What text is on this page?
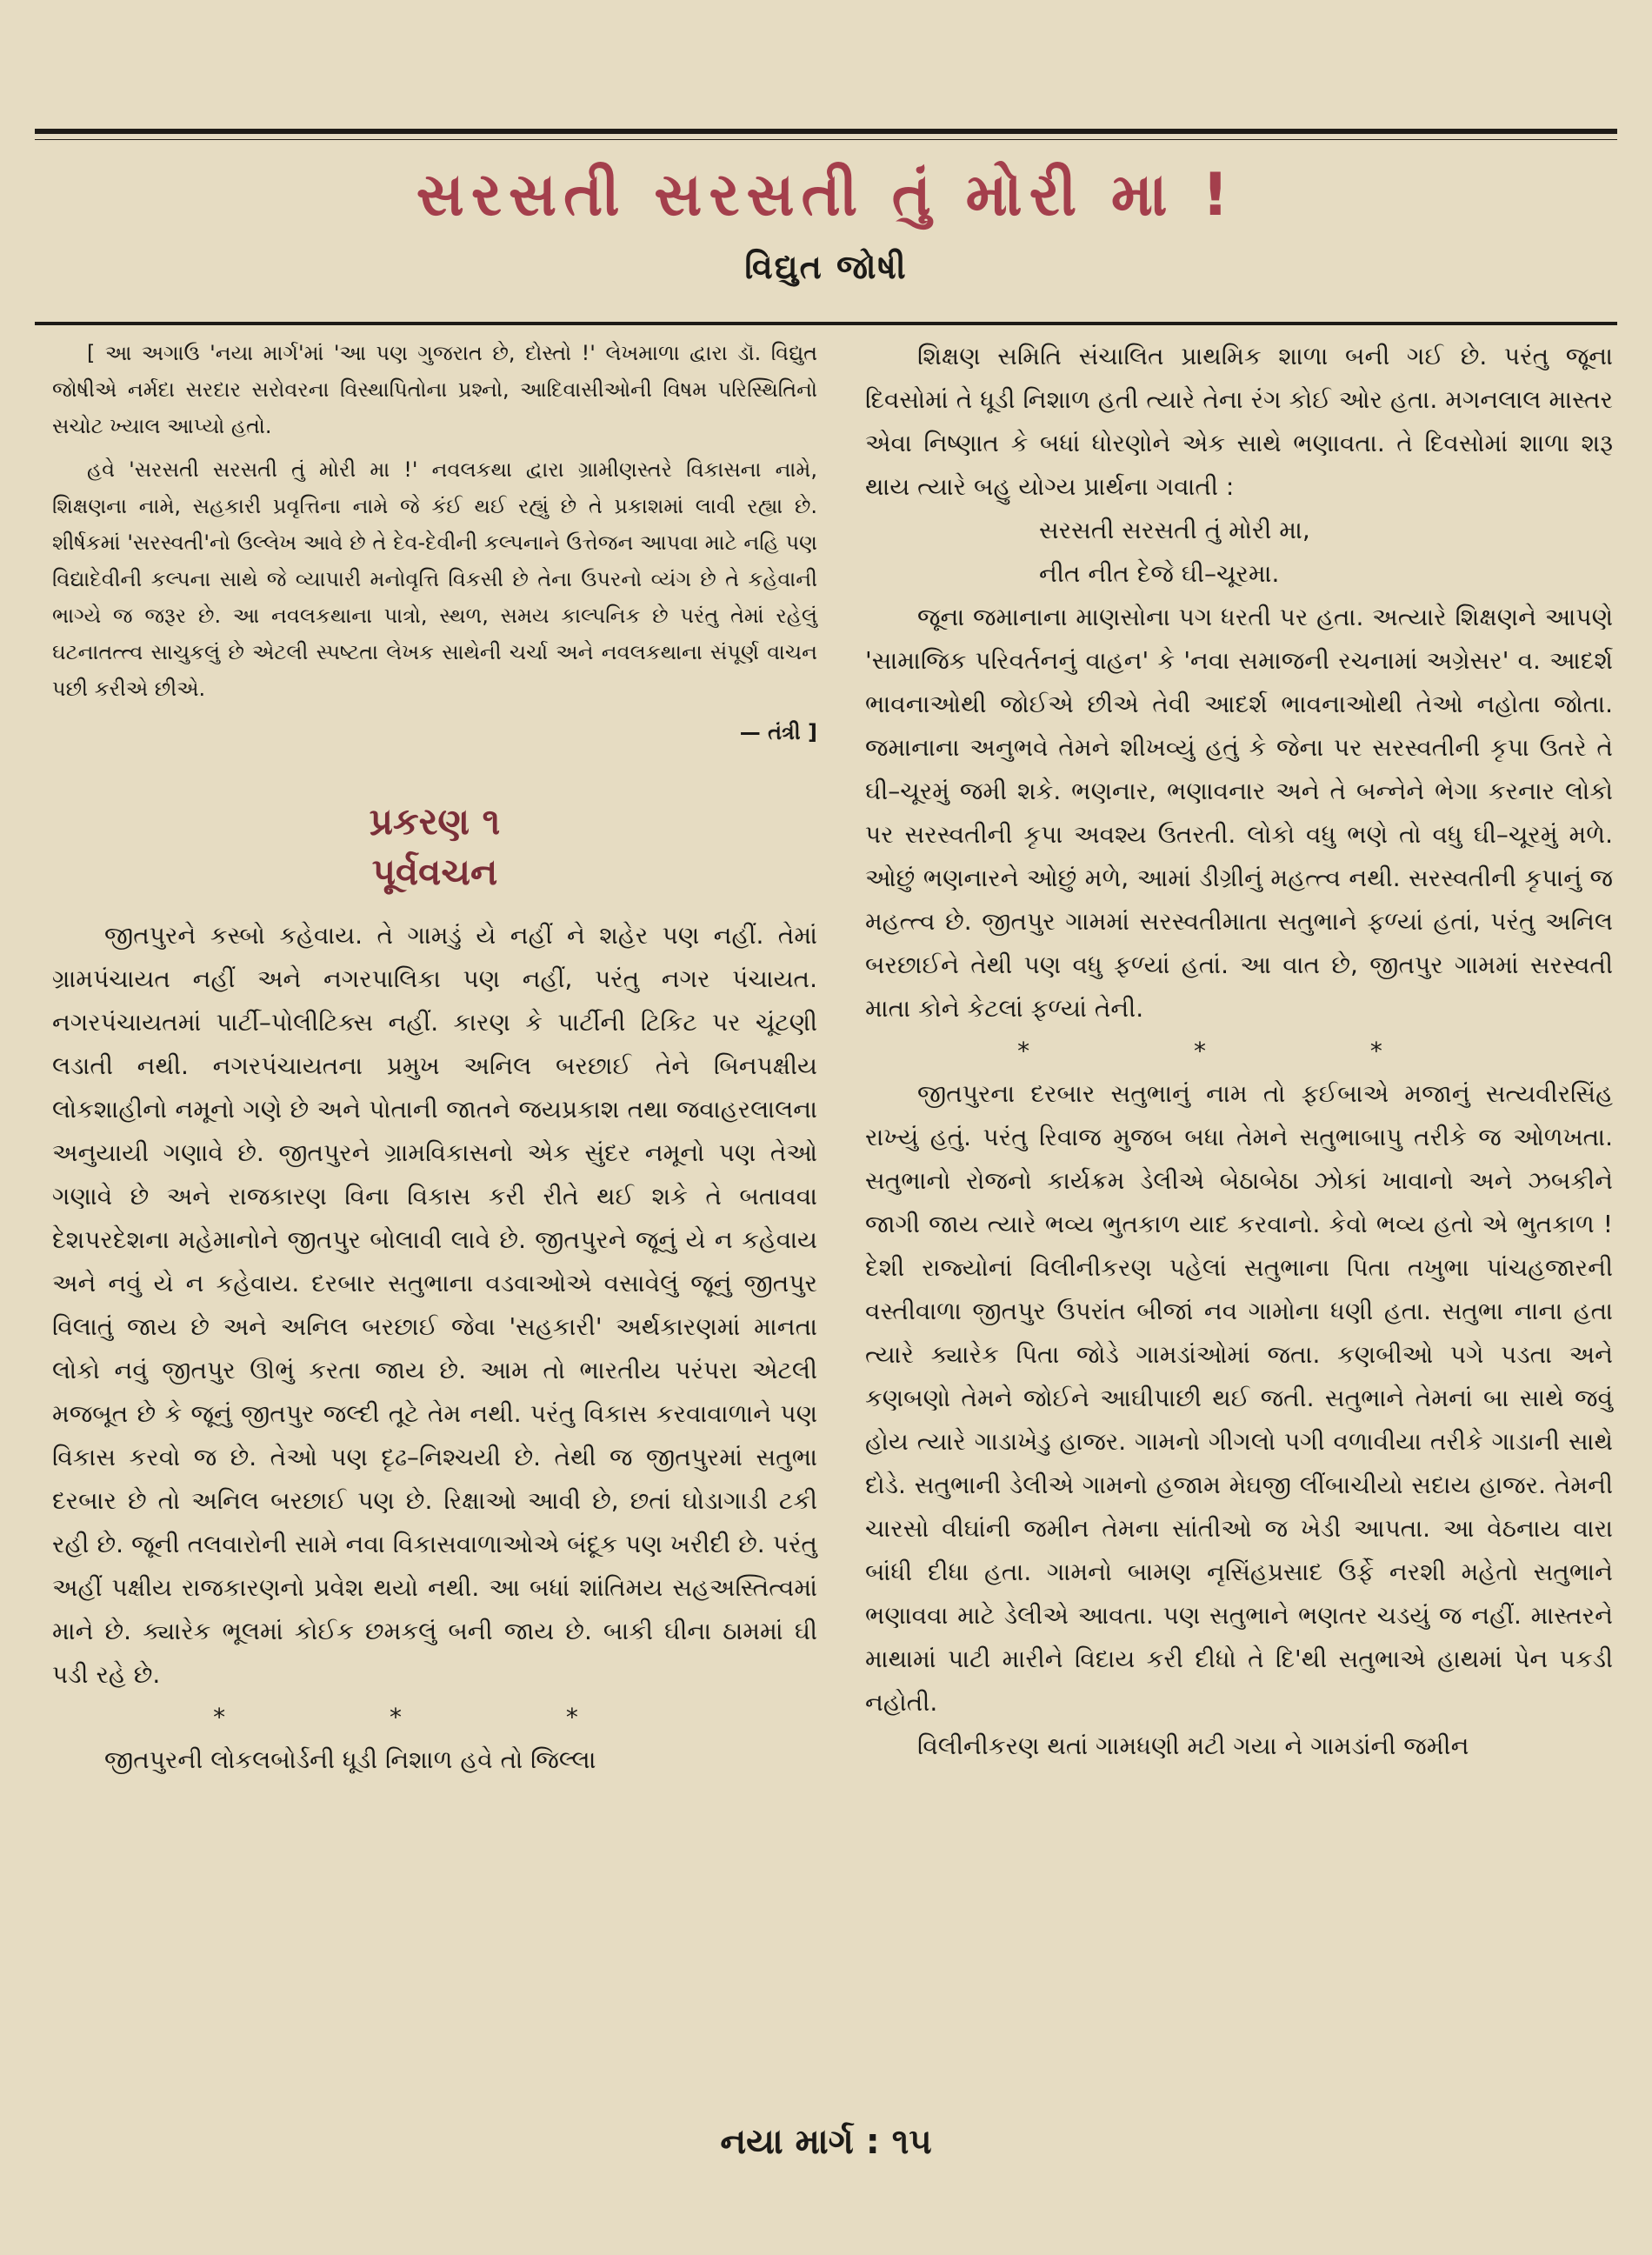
સરસતી સરસતી તું મોરી મા !
વિદ્યુત જોષી

[ આ અગાઉ 'નયા માર્ગ'માં 'આ પણ ગુજરાત છે, દોસ્તો !' લેખમાળા દ્વારા ડૉ. વિદ્યુત જોષીએ નર્મદા સરદાર સરોવરના વિસ્થાપિતોના પ્રશ્નો, આદિવાસીઓની વિષમ પરિસ્થિતિનો સચોટ ખ્યાલ આપ્યો હતો.

હવે 'સરસતી સરસતી તું મોરી મા !' નવલકથા દ્વારા ગ્રામીણસ્તરે વિકાસના નામે, શિક્ષણના નામે, સહકારી પ્રવૃત્તિના નામે જે કંઈ થઈ રહ્યું છે તે પ્રકાશમાં લાવી રહ્યા છે. શીર્ષકમાં 'સરસ્વતી'નો ઉલ્લેખ આવે છે તે દેવ-દેવીની કલ્પનાને ઉત્તેજન આપવા માટે નહિ પણ વિદ્યાદેવીની કલ્પના સાથે જે વ્યાપારી મનોવૃત્તિ વિકસી છે તેના ઉપરનો વ્યંગ છે તે કહેવાની ભાગ્યે જ જરૂર છે. આ નવલકથાના પાત્રો, સ્થળ, સમય કાલ્પનિક છે પરંતુ તેમાં રહેલું ઘટનાતત્ત્વ સાચુકલું છે એટલી સ્પષ્ટતા લેખક સાથેની ચર્ચા અને નવલકથાના સંપૂર્ણ વાચન પછી કરીએ છીએ.

— તંત્રી ]
પ્રકરણ ૧
પૂર્વવચન

જીતપુરને કસ્બો કહેવાય. તે ગામડું યે નહીં ને શહેર પણ નહીં. તેમાં ગ્રામપંચાયત નહીં અને નગરપાલિકા પણ નહીં, પરંતુ નગર પંચાયત. નગરપંચાયતમાં પાર્ટી–પોલીટિક્સ નહીં. કારણ કે પાર્ટીની ટિકિટ પર ચૂંટણી લડાતી નથી. નગરપંચાયતના પ્રમુખ અનિલ બરછાઈ તેને બિનપક્ષીય લોકશાહીનો નમૂનો ગણે છે અને પોતાની જાતને જયપ્રકાશ તથા જવાહરલાલના અનુયાયી ગણાવે છે. જીતપુરને ગ્રામવિકાસનો એક સુંદર નમૂનો પણ તેઓ ગણાવે છે અને રાજકારણ વિના વિકાસ કરી રીતે થઈ શકે તે બતાવવા દેશપરદેશના મહેમાનોને જીતપુર બોલાવી લાવે છે. જીતપુરને જૂનું યે ન કહેવાય અને નવું યે ન કહેવાય. દરબાર સતુભાના વડવાઓએ વસાવેલું જૂનું જીતપુર વિલાતું જાય છે અને અનિલ બરછાઈ જેવા 'સહકારી' અર્થકારણમાં માનતા લોકો નવું જીતપુર ઊભું કરતા જાય છે. આમ તો ભારતીય પરંપરા એટલી મજબૂત છે કે જૂનું જીતપુર જલ્દી તૂટે તેમ નથી. પરંતુ વિકાસ કરવાવાળાને પણ વિકાસ કરવો જ છે. તેઓ પણ દૃઢ–નિશ્ચયી છે. તેથી જ જીતપુરમાં સતુભા દરબાર છે તો અનિલ બરછાઈ પણ છે. રિક્ષાઓ આવી છે, છતાં ઘોડાગાડી ટકી રહી છે. જૂની તલવારોની સામે નવા વિકાસવાળાઓએ બંદૂક પણ ખરીદી છે. પરંતુ અહીં પક્ષીય રાજકારણનો પ્રવેશ થયો નથી. આ બધાં શાંતિમય સહઅસ્તિત્વમાં માને છે. ક્યારેક ભૂલમાં કોઈક છમકલું બની જાય છે. બાકી ઘીના ઠામમાં ઘી પડી રહે છે.

* * *

જીતપુરની લોકલબોર્ડની ધૂડી નિશાળ હવે તો જિલ્લા

શિક્ષણ સમિતિ સંચાલિત પ્રાથમિક શાળા બની ગઈ છે. પરંતુ જૂના દિવસોમાં તે ધૂડી નિશાળ હતી ત્યારે તેના રંગ કોઈ ઓર હતા. મગનલાલ માસ્તર એવા નિષ્ણાત કે બધાં ધોરણોને એક સાથે ભણાવતા. તે દિવસોમાં શાળા શરૂ થાય ત્યારે બહુ યોગ્ય પ્રાર્થના ગવાતી :

સરસતી સરસતી તું મોરી મા,
નીત નીત દેજે ઘી–ચૂરમા.

જૂના જમાનાના માણસોના પગ ધરતી પર હતા. અત્યારે શિક્ષણને આપણે 'સામાજિક પરિવર્તનનું વાહન' કે 'નવા સમાજની રચનામાં અગ્રેસર' વ. આદર્શ ભાવનાઓથી જોઈએ છીએ તેવી આદર્શ ભાવનાઓથી તેઓ નહોતા જોતા. જમાનાના અનુભવે તેમને શીખવ્યું હતું કે જેના પર સરસ્વતીની કૃપા ઉતરે તે ઘી–ચૂરમું જમી શકે. ભણનાર, ભણાવનાર અને તે બન્નેને ભેગા કરનાર લોકો પર સરસ્વતીની કૃપા અવશ્ય ઉતરતી. લોકો વધુ ભણે તો વધુ ઘી–ચૂરમું મળે. ઓછું ભણનારને ઓછું મળે, આમાં ડીગ્રીનું મહત્ત્વ નથી. સરસ્વતીની કૃપાનું જ મહત્ત્વ છે. જીતપુર ગામમાં સરસ્વતીમાતા સતુભાને ફળ્યાં હતાં, પરંતુ અનિલ બરછાઈને તેથી પણ વધુ ફળ્યાં હતાં. આ વાત છે, જીતપુર ગામમાં સરસ્વતી માતા કોને કેટલાં ફળ્યાં તેની.

* * *

જીતપુરના દરબાર સતુભાનું નામ તો ફઈબાએ મજાનું સત્યવીરસિંહ રાખ્યું હતું. પરંતુ રિવાજ મુજબ બધા તેમને સતુભાબાપુ તરીકે જ ઓળખતા. સતુભાનો રોજનો કાર્યક્રમ ડેલીએ બેઠાબેઠા ઝોકાં ખાવાનો અને ઝબકીને જાગી જાય ત્યારે ભવ્ય ભુતકાળ યાદ કરવાનો. કેવો ભવ્ય હતો એ ભુતકાળ ! દેશી રાજ્યોનાં વિલીનીકરણ પહેલાં સતુભાના પિતા તખુભા પાંચહજારની વસ્તીવાળા જીતપુર ઉપરાંત બીજાં નવ ગામોના ધણી હતા. સતુભા નાના હતા ત્યારે ક્યારેક પિતા જોડે ગામડાંઓમાં જતા. કણબીઓ પગે પડતા અને કણબણો તેમને જોઈને આઘીપાછી થઈ જતી. સતુભાને તેમનાં બા સાથે જવું હોય ત્યારે ગાડાખેડુ હાજર. ગામનો ગીગલો પગી વળાવીયા તરીકે ગાડાની સાથે દોડે. સતુભાની ડેલીએ ગામનો હજામ મેઘજી લીંબાચીયો સદાય હાજર. તેમની ચારસો વીઘાંની જમીન તેમના સાંતીઓ જ ખેડી આપતા. આ વેઠનાય વારા બાંધી દીધા હતા. ગામનો બામણ નૃસિંહપ્રસાદ ઉર્ફે નરશી મહેતો સતુભાને ભણાવવા માટે ડેલીએ આવતા. પણ સતુભાને ભણતર ચડયું જ નહીં. માસ્તરને માથામાં પાટી મારીને વિદાય કરી દીધો તે દિ'થી સતુભાએ હાથમાં પેન પકડી નહોતી.

વિલીનીકરણ થતાં ગામધણી મટી ગયા ને ગામડાંની જમીન

નયા માર્ગ : ૧૫
